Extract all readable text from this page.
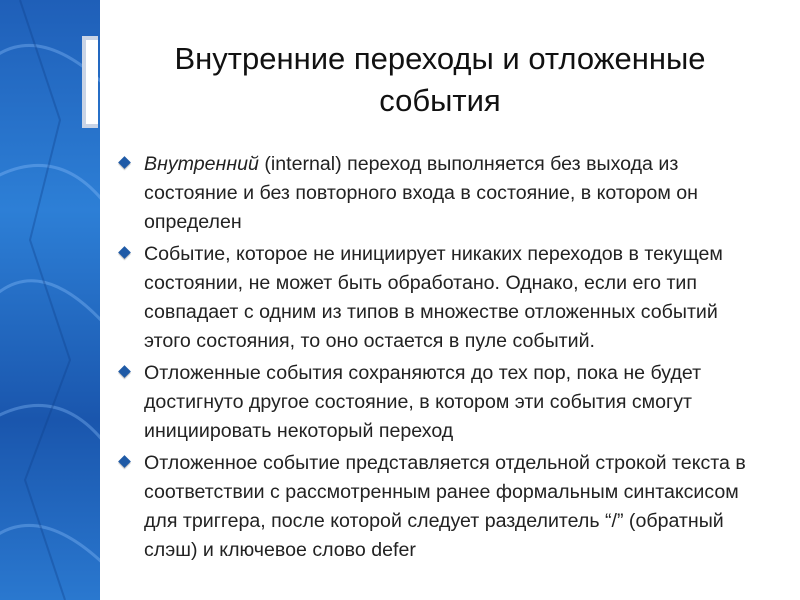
Внутренние переходы и отложенные
события
Внутренний (internal) переход выполняется без выхода из состояние и без повторного входа в состояние, в котором он определен
Событие, которое не инициирует никаких переходов в текущем состоянии, не может быть обработано. Однако, если его тип совпадает с одним из типов в множестве отложенных событий этого состояния, то оно остается в пуле событий.
Отложенные события сохраняются до тех пор, пока не будет достигнуто другое состояние, в котором эти события смогут инициировать некоторый переход
Отложенное событие представляется отдельной строкой текста в соответствии с рассмотренным ранее формальным синтаксисом для триггера, после которой следует разделитель “/” (обратный слэш) и ключевое слово defer
